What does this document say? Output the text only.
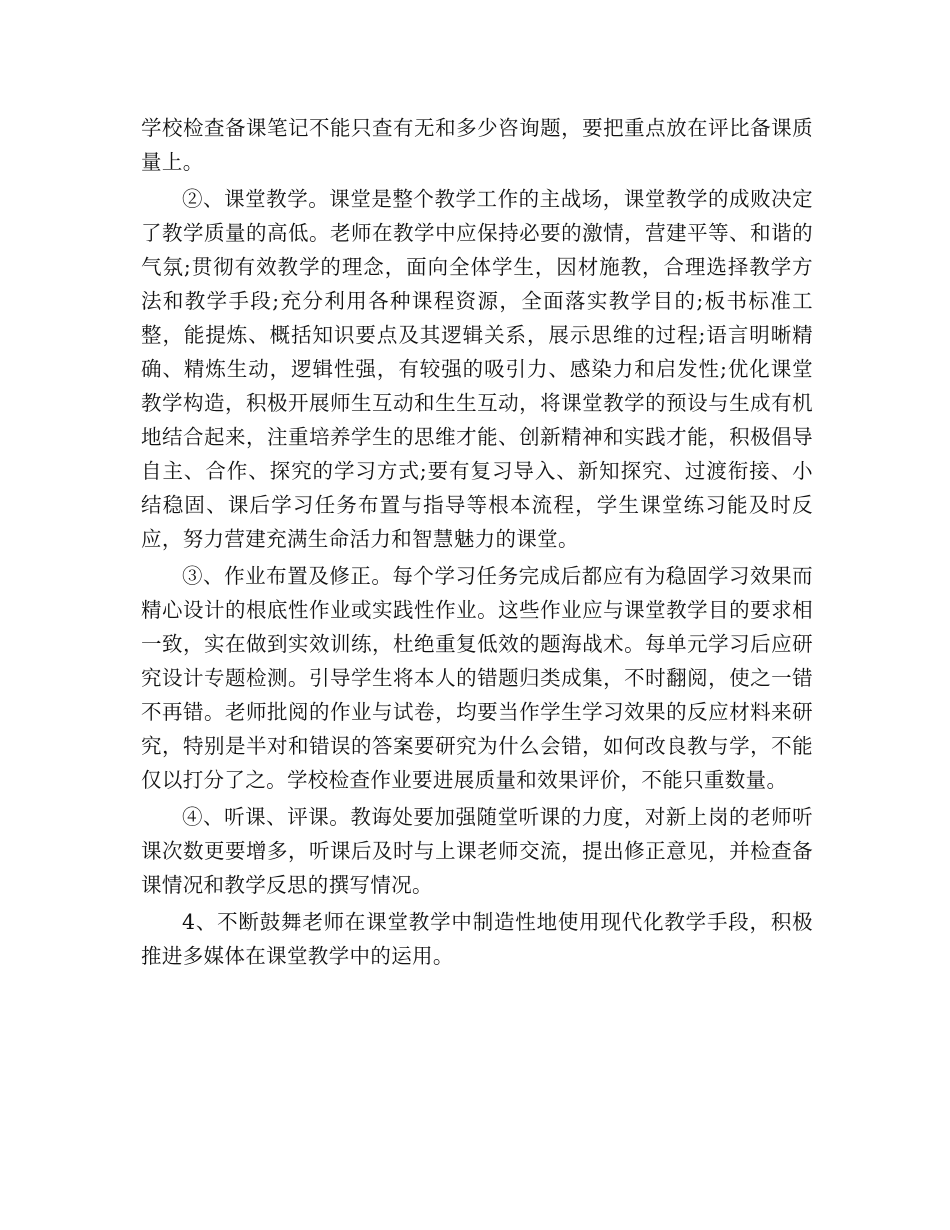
学校检查备课笔记不能只查有无和多少咨询题，要把重点放在评比备课质量上。

②、课堂教学。课堂是整个教学工作的主战场，课堂教学的成败决定了教学质量的高低。老师在教学中应保持必要的激情，营建平等、和谐的气氛;贯彻有效教学的理念，面向全体学生，因材施教，合理选择教学方法和教学手段;充分利用各种课程资源，全面落实教学目的;板书标准工整，能提炼、概括知识要点及其逻辑关系，展示思维的过程;语言明晰精确、精炼生动，逻辑性强，有较强的吸引力、感染力和启发性;优化课堂教学构造，积极开展师生互动和生生互动，将课堂教学的预设与生成有机地结合起来，注重培养学生的思维才能、创新精神和实践才能，积极倡导自主、合作、探究的学习方式;要有复习导入、新知探究、过渡衔接、小结稳固、课后学习任务布置与指导等根本流程，学生课堂练习能及时反应，努力营建充满生命活力和智慧魅力的课堂。

③、作业布置及修正。每个学习任务完成后都应有为稳固学习效果而精心设计的根底性作业或实践性作业。这些作业应与课堂教学目的要求相一致，实在做到实效训练，杜绝重复低效的题海战术。每单元学习后应研究设计专题检测。引导学生将本人的错题归类成集，不时翻阅，使之一错不再错。老师批阅的作业与试卷，均要当作学生学习效果的反应材料来研究，特别是半对和错误的答案要研究为什么会错，如何改良教与学，不能仅以打分了之。学校检查作业要进展质量和效果评价，不能只重数量。

④、听课、评课。教诲处要加强随堂听课的力度，对新上岗的老师听课次数更要增多，听课后及时与上课老师交流，提出修正意见，并检查备课情况和教学反思的撰写情况。

4、不断鼓舞老师在课堂教学中制造性地使用现代化教学手段，积极推进多媒体在课堂教学中的运用。
